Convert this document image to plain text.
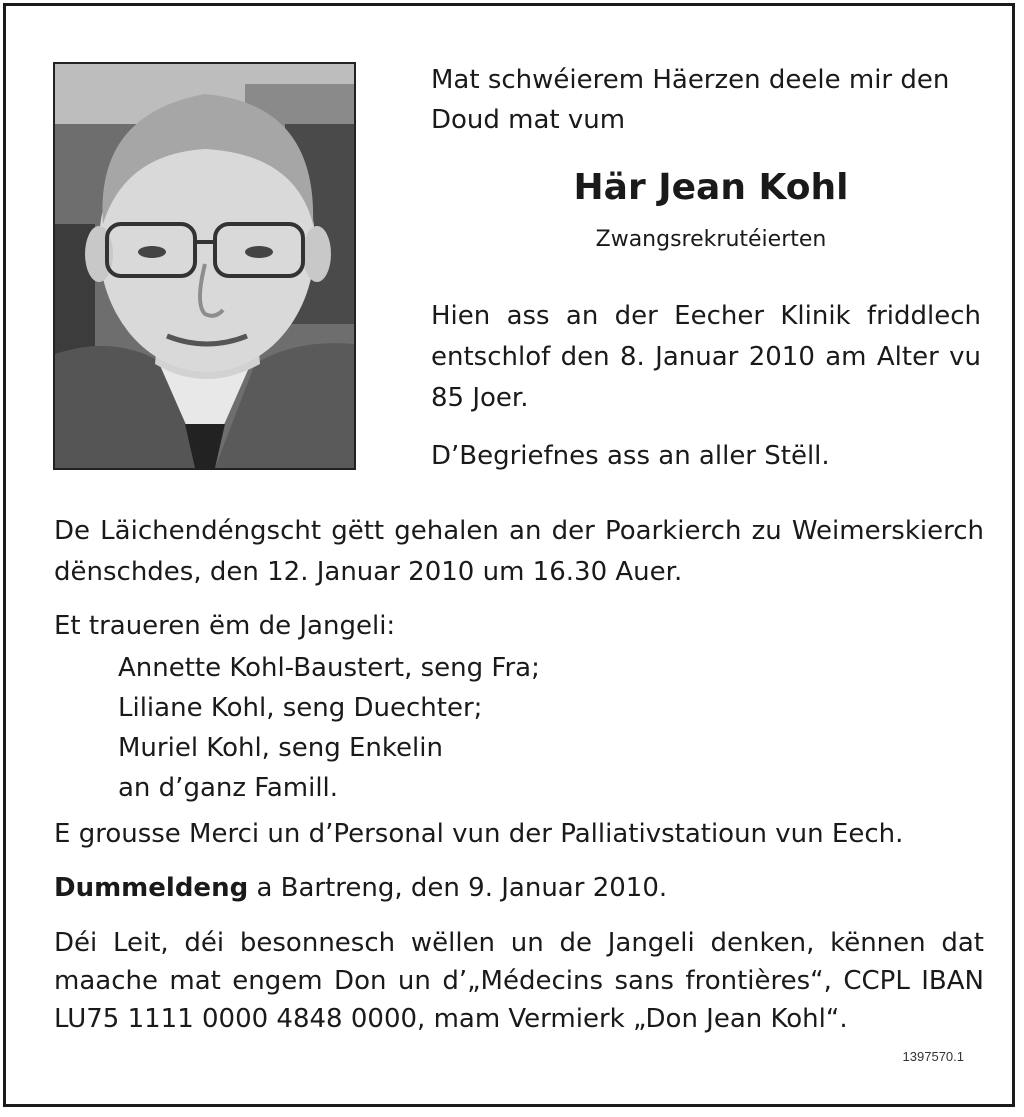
Mat schwéierem Häerzen deele mir den Doud mat vum
Här Jean Kohl
Zwangsrekrutéierten
Hien ass an der Eecher Klinik friddlech entschlof den 8. Januar 2010 am Alter vu 85 Joer.
D’Begriefnes ass an aller Stëll.
De Läichendéngscht gëtt gehalen an der Poarkierch zu Weimerskierch dënschdes, den 12. Januar 2010 um 16.30 Auer.
Et traueren ëm de Jangeli:
Annette Kohl-Baustert, seng Fra;
Liliane Kohl, seng Duechter;
Muriel Kohl, seng Enkelin
an d’ganz Famill.
E grousse Merci un d’Personal vun der Palliativstatioun vun Eech.
Dummeldeng a Bartreng, den 9. Januar 2010.
Déi Leit, déi besonnesch wëllen un de Jangeli denken, kënnen dat maache mat engem Don un d’„Médecins sans frontières“, CCPL IBAN LU75 1111 0000 4848 0000, mam Vermierk „Don Jean Kohl“.
1397570.1
